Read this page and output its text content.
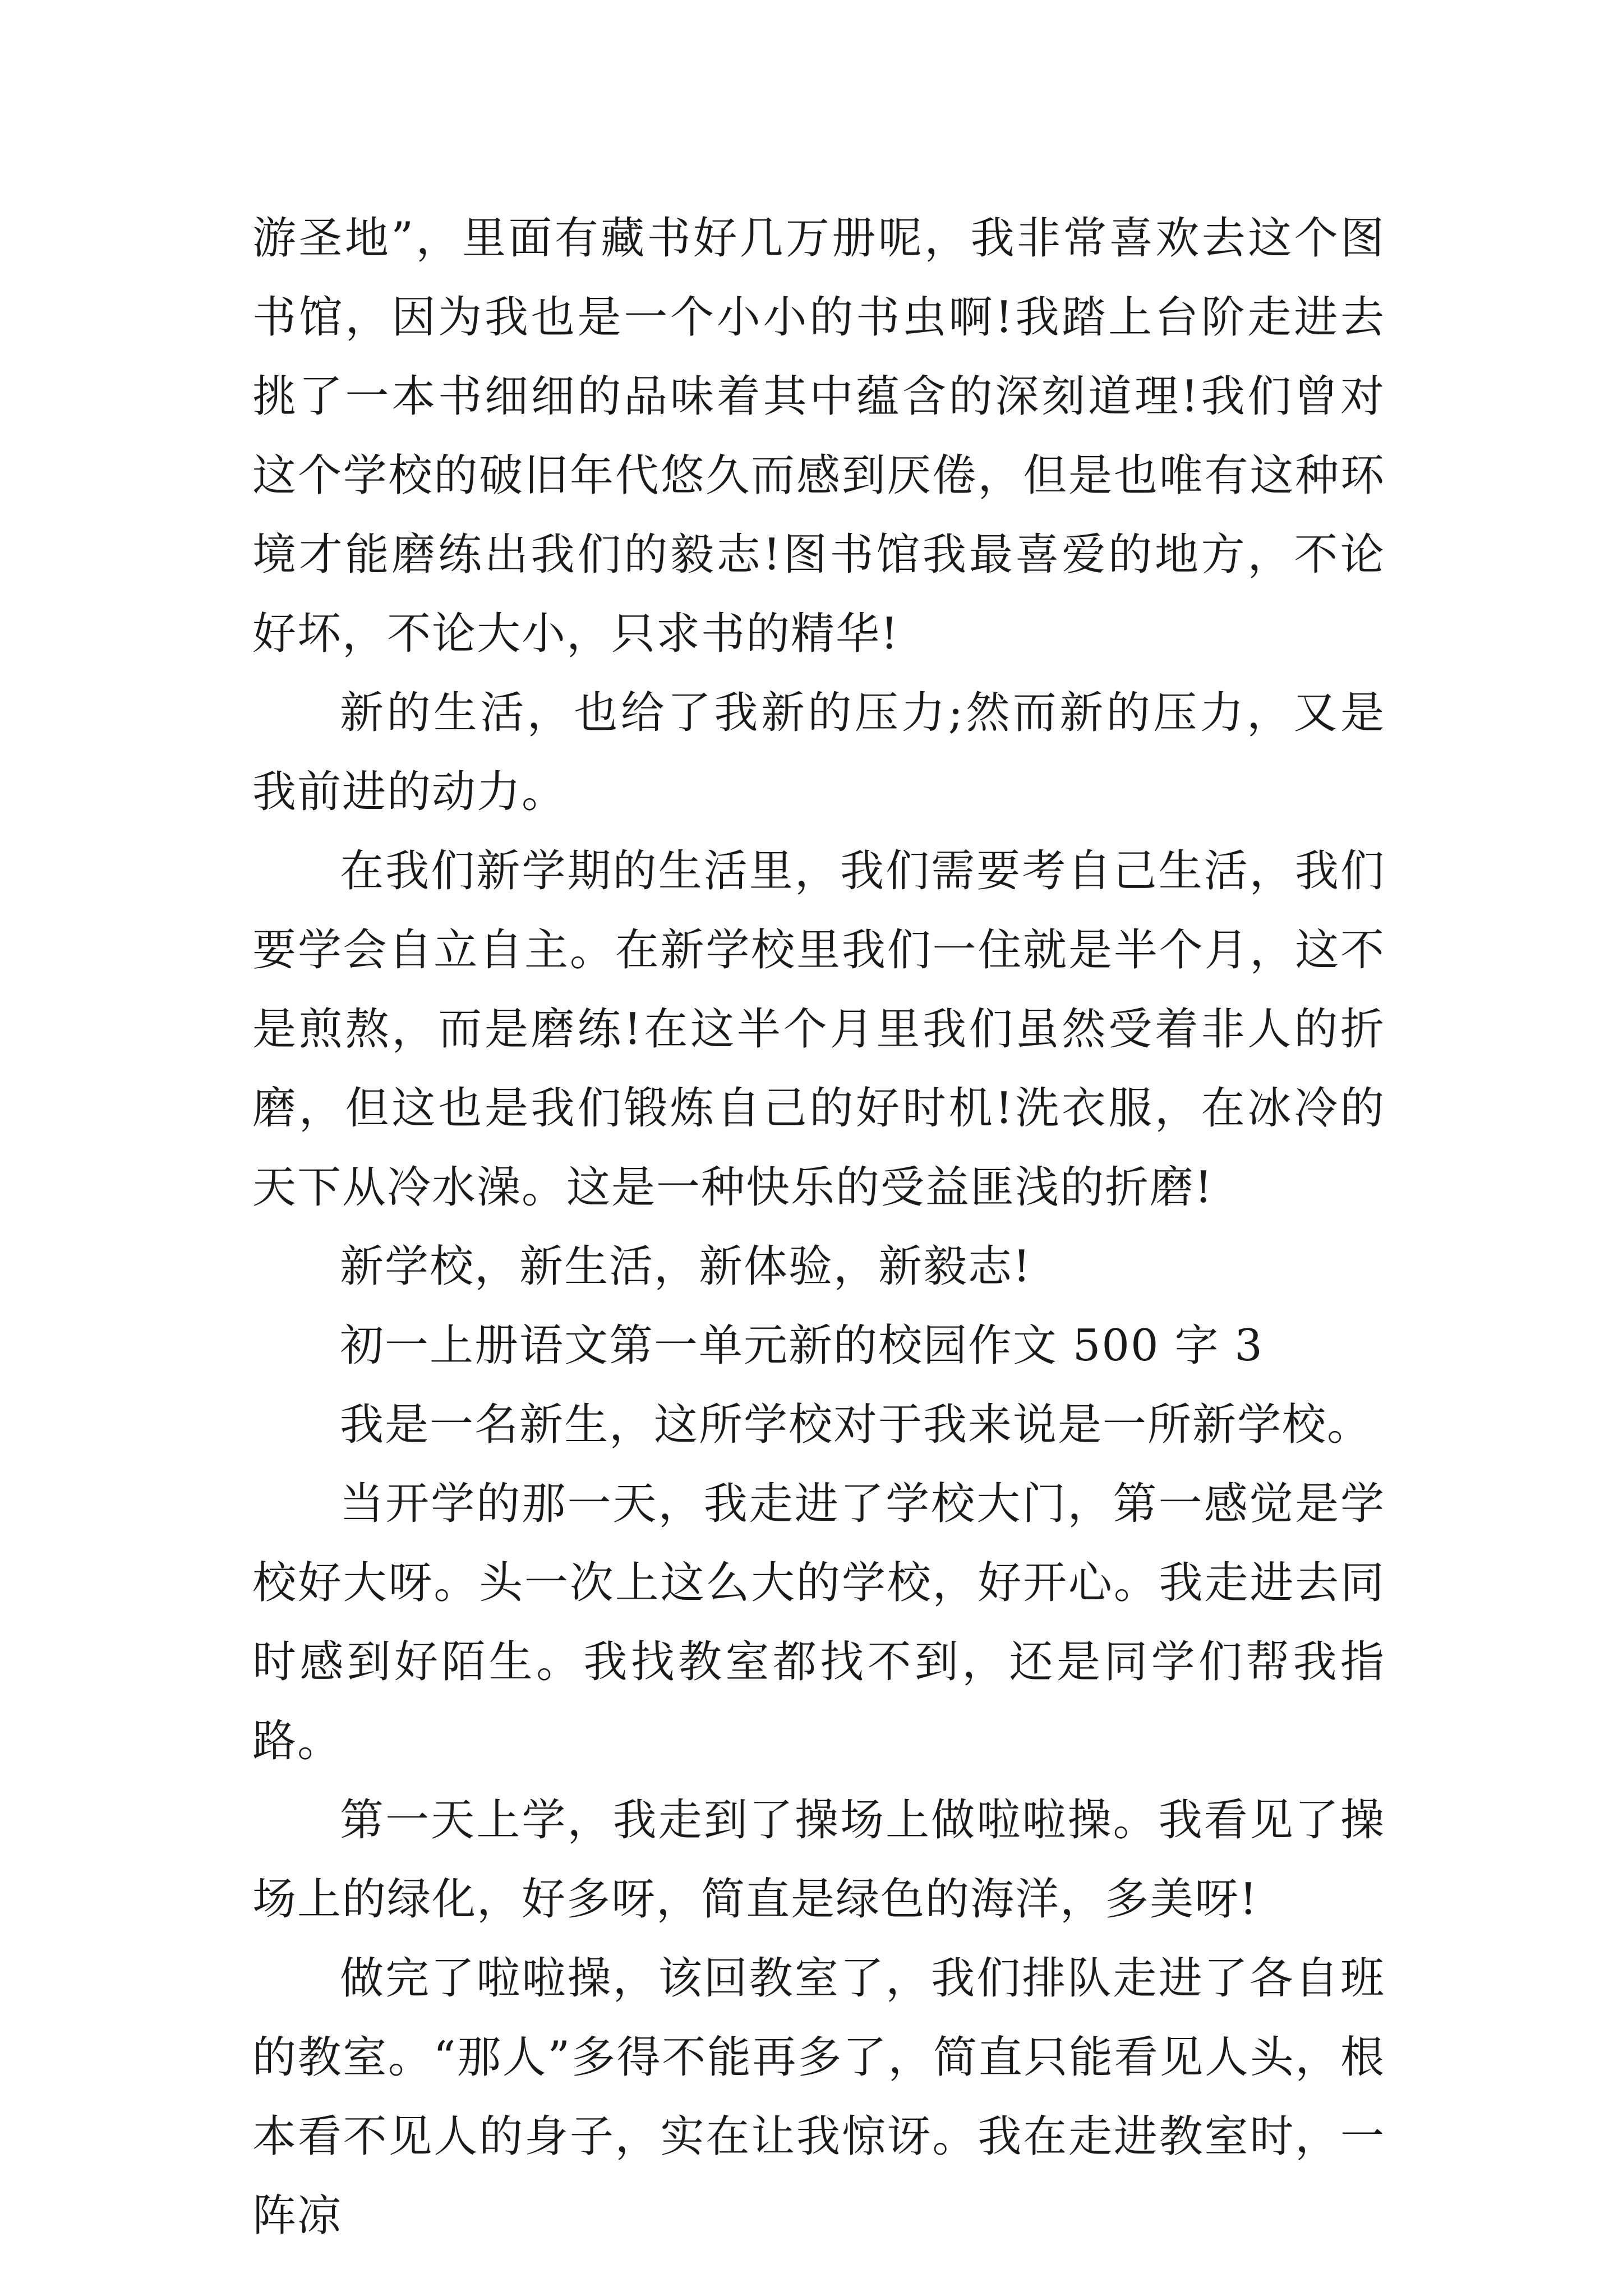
游圣地”，里面有藏书好几万册呢，我非常喜欢去这个图书馆，因为我也是一个小小的书虫啊!我踏上台阶走进去挑了一本书细细的品味着其中蕴含的深刻道理!我们曾对这个学校的破旧年代悠久而感到厌倦，但是也唯有这种环境才能磨练出我们的毅志!图书馆我最喜爱的地方，不论好坏，不论大小，只求书的精华!

新的生活，也给了我新的压力;然而新的压力，又是我前进的动力。

在我们新学期的生活里，我们需要考自己生活，我们要学会自立自主。在新学校里我们一住就是半个月，这不是煎熬，而是磨练!在这半个月里我们虽然受着非人的折磨，但这也是我们锻炼自己的好时机!洗衣服，在冰冷的天下从冷水澡。这是一种快乐的受益匪浅的折磨!

新学校，新生活，新体验，新毅志!

初一上册语文第一单元新的校园作文 500 字 3

我是一名新生，这所学校对于我来说是一所新学校。

当开学的那一天，我走进了学校大门，第一感觉是学校好大呀。头一次上这么大的学校，好开心。我走进去同时感到好陌生。我找教室都找不到，还是同学们帮我指路。

第一天上学，我走到了操场上做啦啦操。我看见了操场上的绿化，好多呀，简直是绿色的海洋，多美呀!

做完了啦啦操，该回教室了，我们排队走进了各自班的教室。“那人”多得不能再多了，简直只能看见人头，根本看不见人的身子，实在让我惊讶。我在走进教室时，一阵凉
